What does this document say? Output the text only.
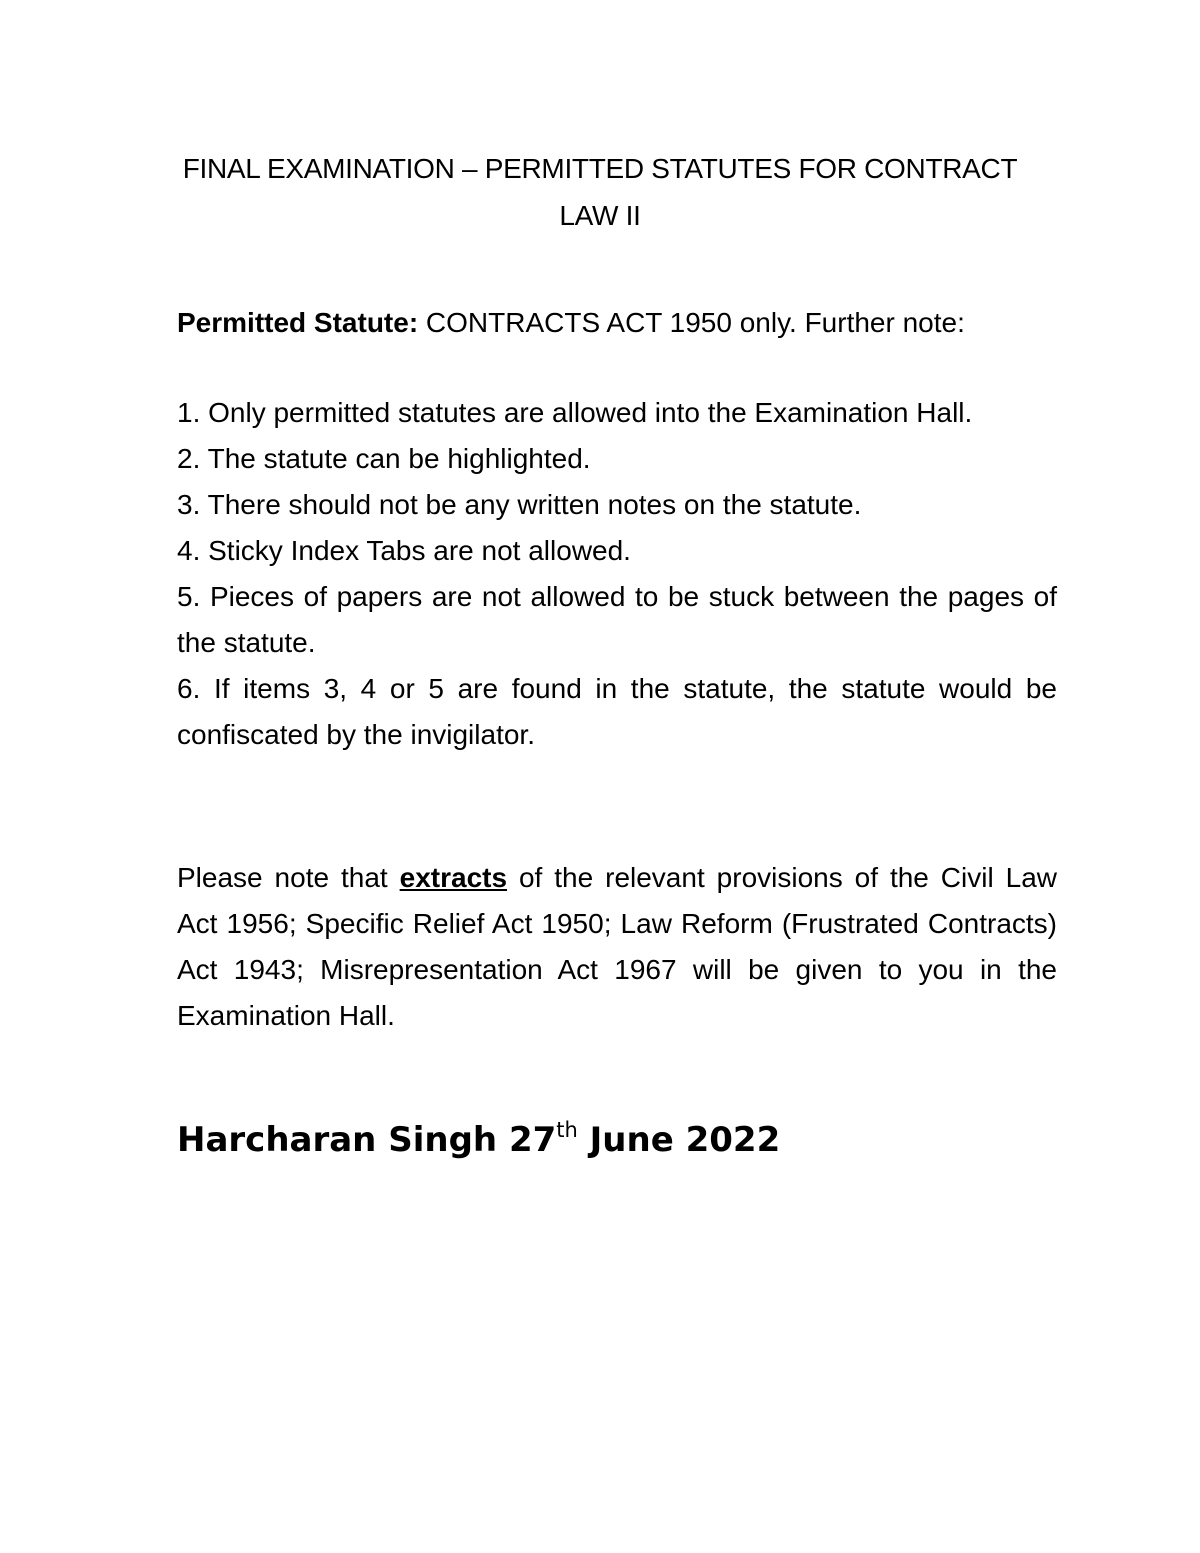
FINAL EXAMINATION – PERMITTED STATUTES FOR CONTRACT
LAW II
Permitted Statute: CONTRACTS ACT 1950 only. Further note:

1. Only permitted statutes are allowed into the Examination Hall.

2. The statute can be highlighted.

3. There should not be any written notes on the statute.

4. Sticky Index Tabs are not allowed.

5. Pieces of papers are not allowed to be stuck between the pages of the statute.

6. If items 3, 4 or 5 are found in the statute, the statute would be confiscated by the invigilator.

Please note that extracts of the relevant provisions of the Civil Law Act 1956; Specific Relief Act 1950; Law Reform (Frustrated Contracts) Act 1943; Misrepresentation Act 1967 will be given to you in the Examination Hall.
Harcharan Singh 27th June 2022
